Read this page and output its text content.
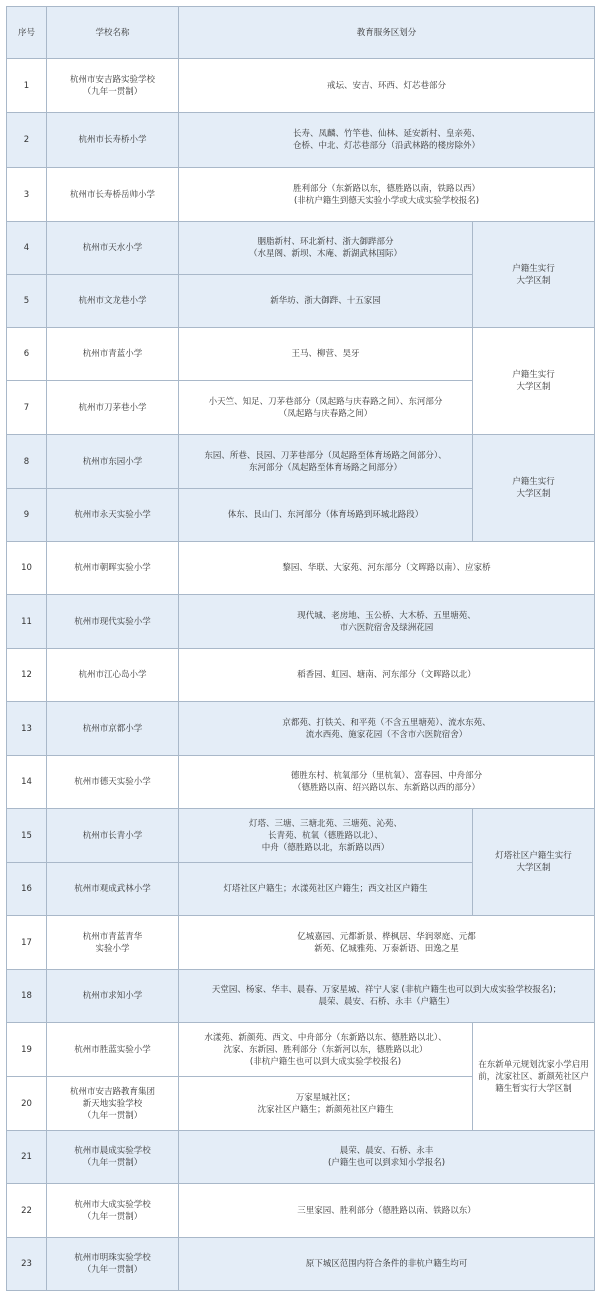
序号	学校名称	教育服务区划分	
1	杭州市安吉路实验学校
（九年一贯制）	戒坛、安吉、环西、灯芯巷部分	
2	杭州市长寿桥小学	长寿、凤麟、竹竿巷、仙林、延安新村、皇亲苑、
仓桥、中北、灯芯巷部分（沿武林路的楼房除外）	
3	杭州市长寿桥岳帅小学	胜利部分（东新路以东，德胜路以南，铁路以西）
(非杭户籍生到德天实验小学或大成实验学校报名)	
4	杭州市天水小学	胭脂新村、环北新村、浙大御跸部分
（水星阁、新坝、木庵、新湖武林国际）	户籍生实行
大学区制
5	杭州市文龙巷小学	新华坊、浙大御跸、十五家园	
6	杭州市青蓝小学	王马、柳营、昊牙	户籍生实行
大学区制
7	杭州市刀茅巷小学	小天竺、知足、刀茅巷部分（凤起路与庆春路之间）、东河部分
（凤起路与庆春路之间）	
8	杭州市东园小学	东园、所巷、艮园、刀茅巷部分（凤起路至体育场路之间部分）、
东河部分（凤起路至体育场路之间部分）	户籍生实行
大学区制
9	杭州市永天实验小学	体东、艮山门、东河部分（体育场路到环城北路段）	
10	杭州市朝晖实验小学	黎园、华联、大家苑、河东部分（文晖路以南）、应家桥	
11	杭州市现代实验小学	现代城、老房地、玉公桥、大木桥、五里塘苑、
市六医院宿舍及绿洲花园	
12	杭州市江心岛小学	稻香园、虹园、塘南、河东部分（文晖路以北）	
13	杭州市京都小学	京都苑、打铁关、和平苑（不含五里塘苑）、流水东苑、
流水西苑、施家花园（不含市六医院宿舍）	
14	杭州市德天实验小学	德胜东村、杭氧部分（里杭氧）、富春园、中舟部分
（德胜路以南、绍兴路以东、东新路以西的部分）	
15	杭州市长青小学	灯塔、三塘、三塘北苑、三塘苑、沁苑、
长青苑、杭氧（德胜路以北）、
中舟（德胜路以北，东新路以西）	灯塔社区户籍生实行
大学区制
16	杭州市观成武林小学	灯塔社区户籍生；水漾苑社区户籍生；西文社区户籍生	
17	杭州市青蓝青华
实验小学	亿城嘉园、元都新景、桦枫居、华润翠庭、元都
新苑、亿城雅苑、万泰新语、田逸之星	
18	杭州市求知小学	天堂园、杨家、华丰、晨春、万家星城、祥宁人家 (非杭户籍生也可以到大成实验学校报名)；
晨荣、晨安、石桥、永丰（户籍生）	
19	杭州市胜蓝实验小学	水漾苑、新颜苑、西文、中舟部分（东新路以东、德胜路以北）、
沈家、东新园、胜利部分（东新河以东，德胜路以北）
(非杭户籍生也可以到大成实验学校报名)	在东新单元规划沈家小学启用前，沈家社区、新颜苑社区户籍生暂实行大学区制
20	杭州市安吉路教育集团
新天地实验学校
（九年一贯制）	万家星城社区；
沈家社区户籍生；新颜苑社区户籍生	
21	杭州市晨成实验学校
（九年一贯制）	晨荣、晨安、石桥、永丰
(户籍生也可以到求知小学报名)	
22	杭州市大成实验学校
（九年一贯制）	三里家园、胜利部分（德胜路以南、铁路以东）	
23	杭州市明珠实验学校
（九年一贯制）	原下城区范围内符合条件的非杭户籍生均可	
